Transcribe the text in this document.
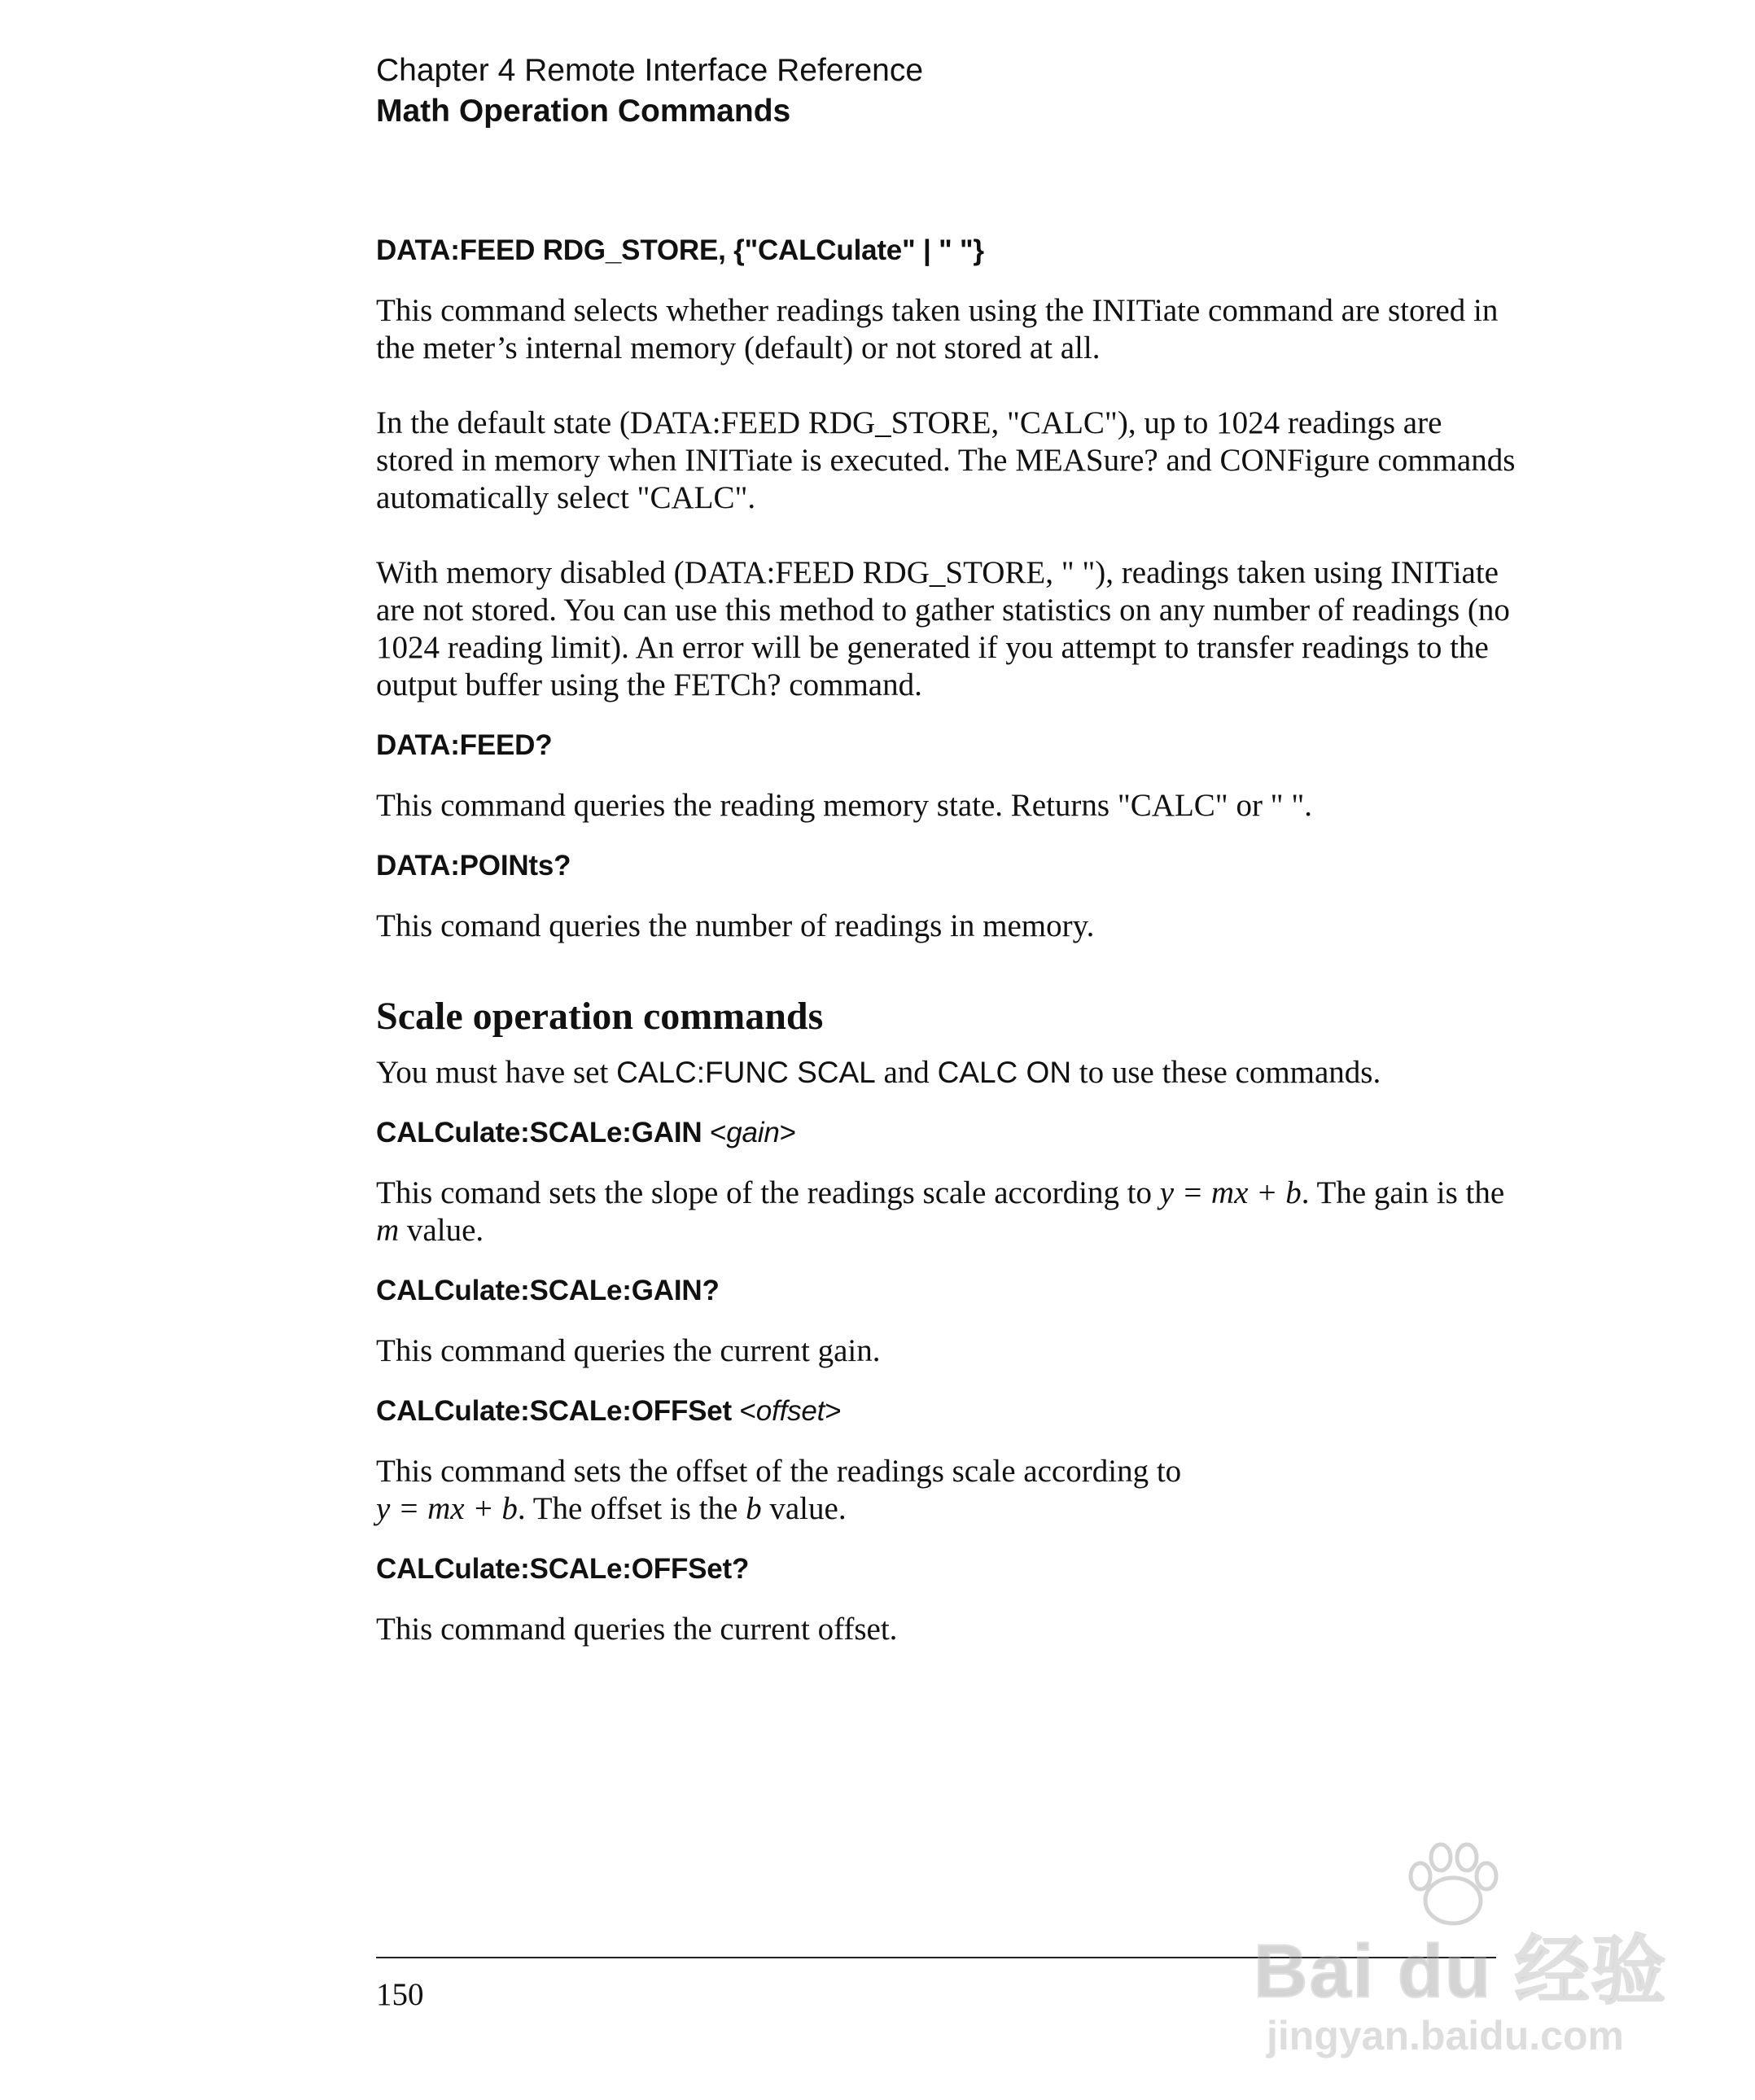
Chapter 4 Remote Interface Reference
Math Operation Commands
DATA:FEED RDG_STORE, {"CALCulate" | " "}

This command selects whether readings taken using the INITiate command are stored in the meter’s internal memory (default) or not stored at all.

In the default state (DATA:FEED RDG_STORE, "CALC"), up to 1024 readings are stored in memory when INITiate is executed. The MEASure? and CONFigure commands automatically select "CALC".

With memory disabled (DATA:FEED RDG_STORE, " "), readings taken using INITiate are not stored. You can use this method to gather statistics on any number of readings (no 1024 reading limit). An error will be generated if you attempt to transfer readings to the output buffer using the FETCh? command.

DATA:FEED?

This command queries the reading memory state. Returns "CALC" or " ".

DATA:POINts?

This comand queries the number of readings in memory.

Scale operation commands

You must have set CALC:FUNC SCAL and CALC ON to use these commands.

CALCulate:SCALe:GAIN <gain>

This comand sets the slope of the readings scale according to y = mx + b. The gain is the m value.

CALCulate:SCALe:GAIN?

This command queries the current gain.

CALCulate:SCALe:OFFSet <offset>

This command sets the offset of the readings scale according to
y = mx + b. The offset is the b value.

CALCulate:SCALe:OFFSet?

This command queries the current offset.

150	Bai du 经验
jingyan.baidu.com
